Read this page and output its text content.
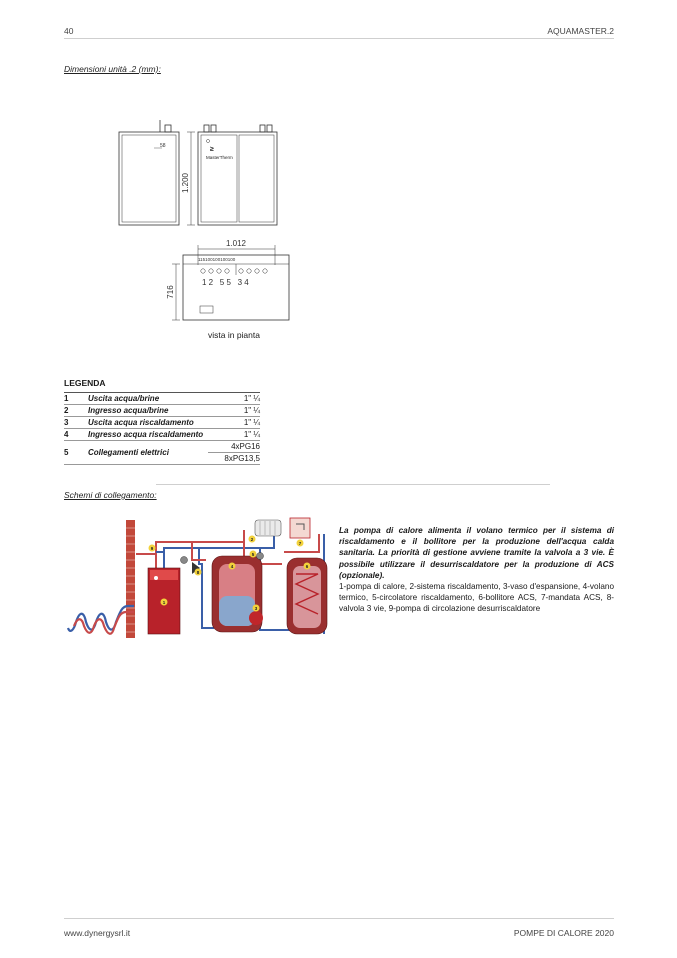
40	AQUAMASTER.2
Dimensioni unità .2 (mm):
58
1.200
1.012
716
115100100100100
1 2   5 5   3 4
MasterTherm
≥
vista in pianta
LEGENDA
1	Uscita acqua/brine	1" ¼
2	Ingresso acqua/brine	1" ¼
3	Uscita acqua riscaldamento	1" ¼
4	Ingresso acqua riscaldamento	1" ¼
5	Collegamenti elettrici	4xPG16
		8xPG13,5
Schemi di collegamento:
1
2
3
4
5
6
7
8
9
La pompa di calore alimenta il volano termico per il sistema di riscaldamento e il bollitore per la produzione dell'acqua calda sanitaria. La priorità di gestione avviene tramite la valvola a 3 vie. È possibile utilizzare il desurriscaldatore per la produzione di ACS (opzionale).
1-pompa di calore, 2-sistema riscaldamento, 3-vaso d'espansione, 4-volano termico, 5-circolatore riscaldamento, 6-bollitore ACS, 7-mandata ACS, 8-valvola 3 vie, 9-pompa di circolazione desurriscaldatore
www.dynergysrl.it	POMPE DI CALORE 2020
